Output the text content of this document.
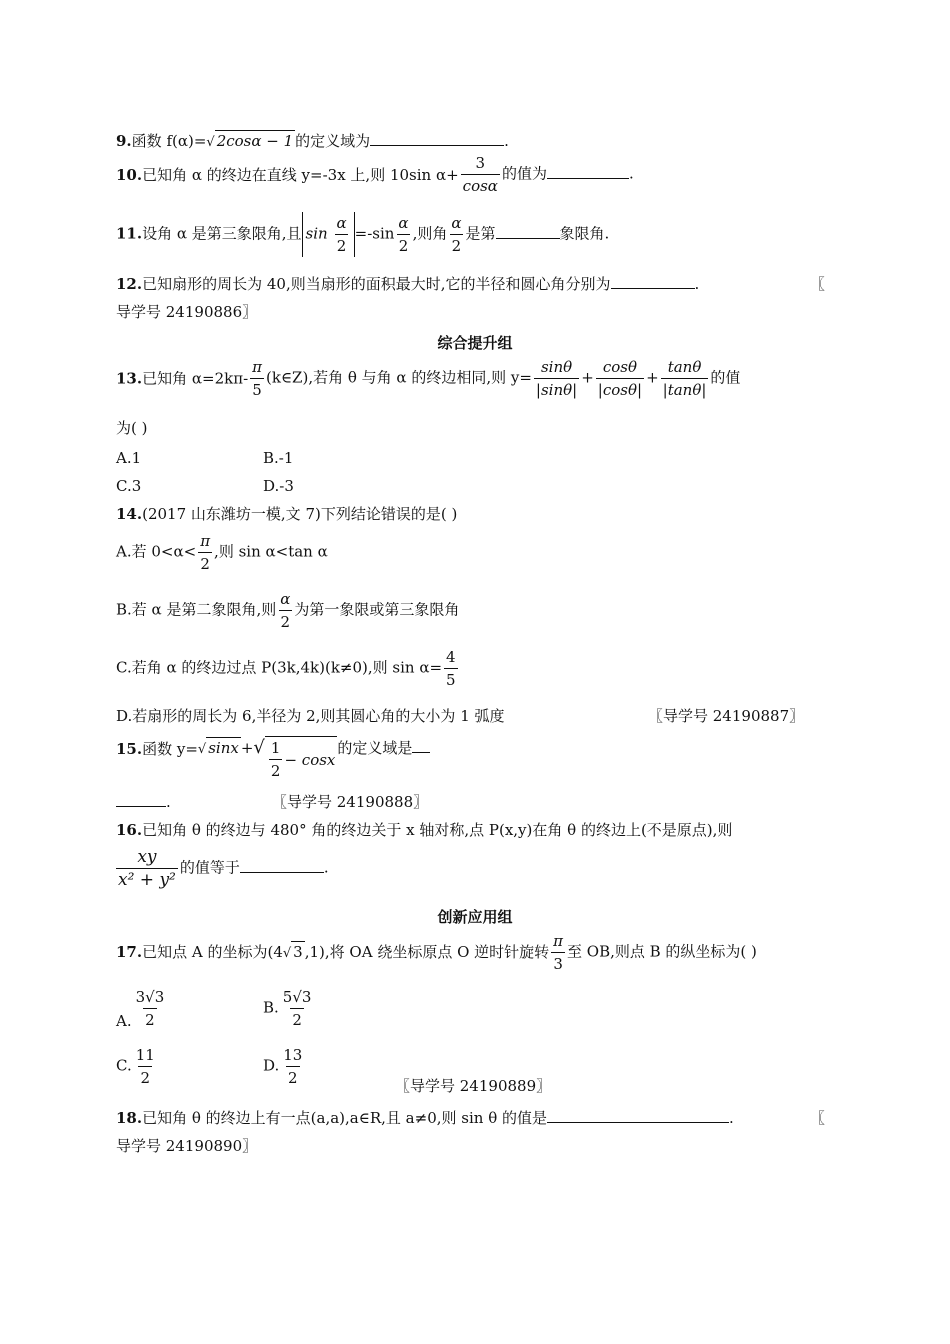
9.函数 f(α)=√ 2cosα − 1 的定义域为	.
10.已知角 α 的终边在直线 y=-3x 上,则 10sin $\alpha+ \frac{3}{\cos\alpha}$ 的值为	.
11.设角 α 是第三象限角,且 $\sin \frac{\alpha}{2} =-\sin \frac{\alpha}{2}$ ,则角 $\frac{\alpha}{2}$ 是第	象限角.
12.已知扇形的周长为 40,则当扇形的面积最大时,它的半径和圆心角分别为	.	〖
导学号 24190886〗
综合提升组
13.已知角 $\alpha=2k\pi- \frac{\pi}{5}$ (k∈Z),若角 θ 与角 α 的终边相同,则 $y= \frac{\sin\theta}{|\sin\theta|} + \frac{\cos\theta}{|\cos\theta|} + \frac{\tan\theta}{|\tan\theta|}$ 的值
为( )
A.1	B.-1
C.3	D.-3
14.(2017 山东潍坊一模,文 7)下列结论错误的是( )
A.若 $0<\alpha< \frac{\pi}{2}$ ,则 sin α<tan α
B.若 α 是第二象限角,则 $\frac{\alpha}{2}$ 为第一象限或第三象限角
C.若角 α 的终边过点 P(3k,4k)(k≠0),则 $\sin \alpha= \frac{4}{5}$
D.若扇形的周长为 6,半径为 2,则其圆心角的大小为 1 弧度	〖导学号 24190887〗
15.函数 y=√ sinx +√ $\frac{1}{2} - \cos x$
的定义域是
.	〖导学号 24190888〗
16.已知角 θ 的终边与 480° 角的终边关于 x 轴对称,点 P(x,y)在角 θ 的终边上(不是原点),则
$\frac{xy}{\text{x² + y²}}$ 的值等于	.
创新应用组
17.已知点 A 的坐标为(4√ 3 ,1),将 OA 绕坐标原点 O 逆时针旋转 $\frac{\pi}{3}$ 至 OB,则点 B 的纵坐标为( )
A. $\frac{3√3}{2}$	B. $\frac{5√3}{2}$
C. $\frac{11}{2}$	D. $\frac{13}{2}$	〖导学号 24190889〗
18.已知角 θ 的终边上有一点(a,a),a∈R,且 a≠0,则 sin θ 的值是	.	〖
导学号 24190890〗
